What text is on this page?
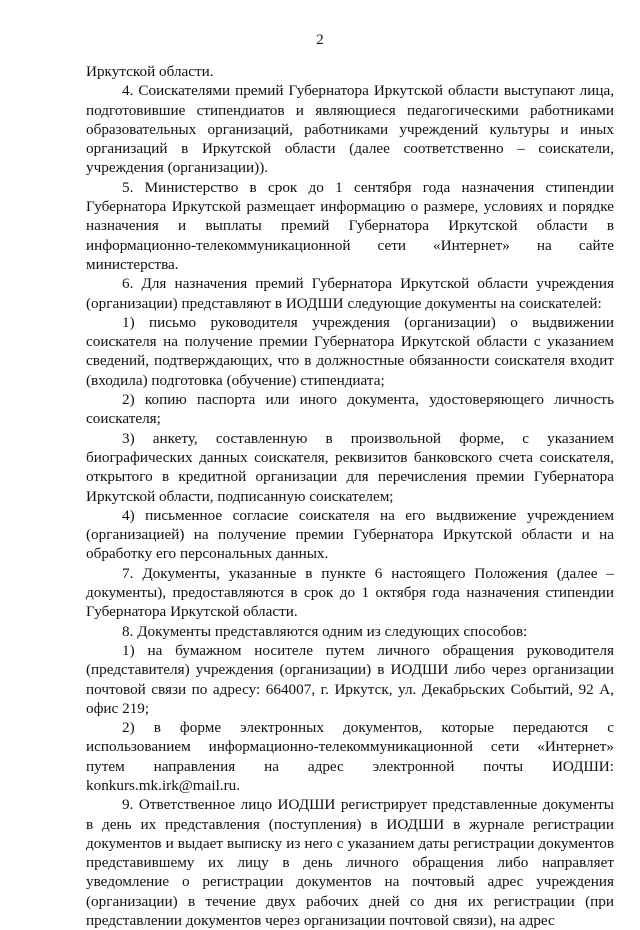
2

Иркутской области.

4. Соискателями премий Губернатора Иркутской области выступают лица, подготовившие стипендиатов и являющиеся педагогическими работниками образовательных организаций, работниками учреждений культуры и иных организаций в Иркутской области (далее соответственно – соискатели, учреждения (организации)).

5. Министерство в срок до 1 сентября года назначения стипендии Губернатора Иркутской размещает информацию о размере, условиях и порядке назначения и выплаты премий Губернатора Иркутской области в информационно-телекоммуникационной сети «Интернет» на сайте министерства.

6. Для назначения премий Губернатора Иркутской области учреждения (организации) представляют в ИОДШИ следующие документы на соискателей:

1) письмо руководителя учреждения (организации) о выдвижении соискателя на получение премии Губернатора Иркутской области с указанием сведений, подтверждающих, что в должностные обязанности соискателя входит (входила) подготовка (обучение) стипендиата;

2) копию паспорта или иного документа, удостоверяющего личность соискателя;

3) анкету, составленную в произвольной форме, с указанием биографических данных соискателя, реквизитов банковского счета соискателя, открытого в кредитной организации для перечисления премии Губернатора Иркутской области, подписанную соискателем;

4) письменное согласие соискателя на его выдвижение учреждением (организацией) на получение премии Губернатора Иркутской области и на обработку его персональных данных.

7. Документы, указанные в пункте 6 настоящего Положения (далее – документы), предоставляются в срок до 1 октября года назначения стипендии Губернатора Иркутской области.

8. Документы представляются одним из следующих способов:

1) на бумажном носителе путем личного обращения руководителя (представителя) учреждения (организации) в ИОДШИ либо через организации почтовой связи по адресу: 664007, г. Иркутск, ул. Декабрьских Событий, 92 А, офис 219;

2) в форме электронных документов, которые передаются с использованием информационно-телекоммуникационной сети «Интернет» путем направления на адрес электронной почты ИОДШИ: konkurs.mk.irk@mail.ru.

9. Ответственное лицо ИОДШИ регистрирует представленные документы в день их представления (поступления) в ИОДШИ в журнале регистрации документов и выдает выписку из него с указанием даты регистрации документов представившему их лицу в день личного обращения либо направляет уведомление о регистрации документов на почтовый адрес учреждения (организации) в течение двух рабочих дней со дня их регистрации (при представлении документов через организации почтовой связи), на адрес
